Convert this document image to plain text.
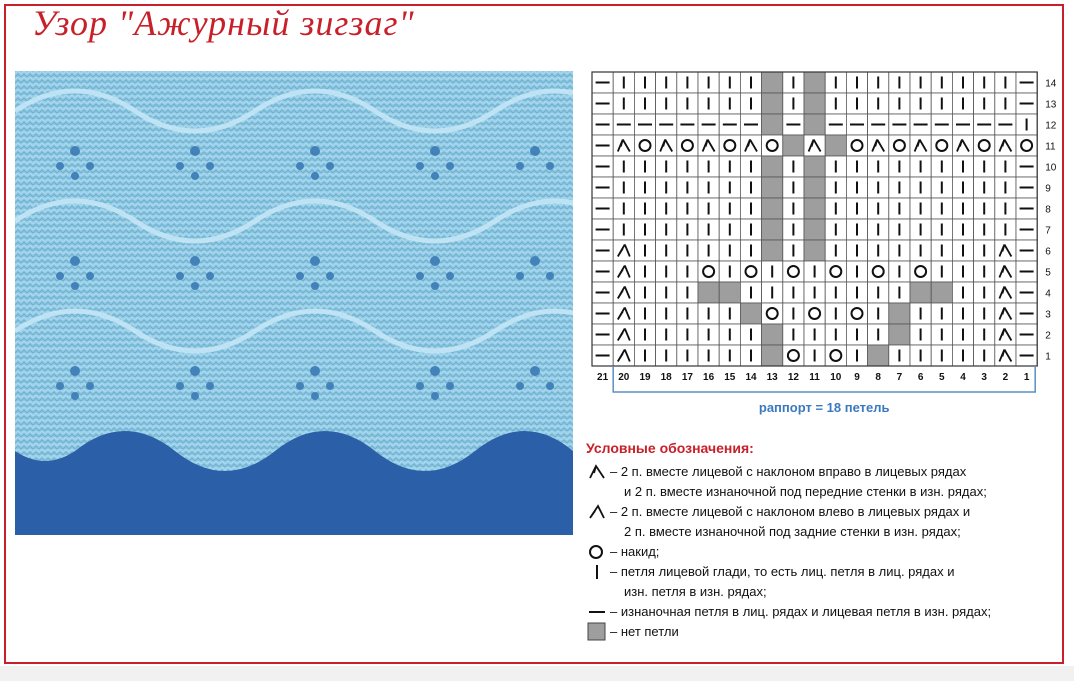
Узор "Ажурный зигзаг"
14
13
12
11
10
9
8
7
6
5
4
3
2
1
21 20 19 18 17 16 15 14 13 12 11 10 9 8 7 6 5 4 3 2 1
раппорт = 18 петель
Условные обозначения:
– 2 п. вместе лицевой с наклоном вправо в лицевых рядах
и 2 п. вместе изнаночной под передние стенки в изн. рядах;
– 2 п. вместе лицевой с наклоном влево в лицевых рядах и
2 п. вместе изнаночной под задние стенки в изн. рядах;
– накид;
– петля лицевой глади, то есть лиц. петля в лиц. рядах и
изн. петля в изн. рядах;
– изнаночная петля в лиц. рядах и лицевая петля в изн. рядах;
– нет петли
